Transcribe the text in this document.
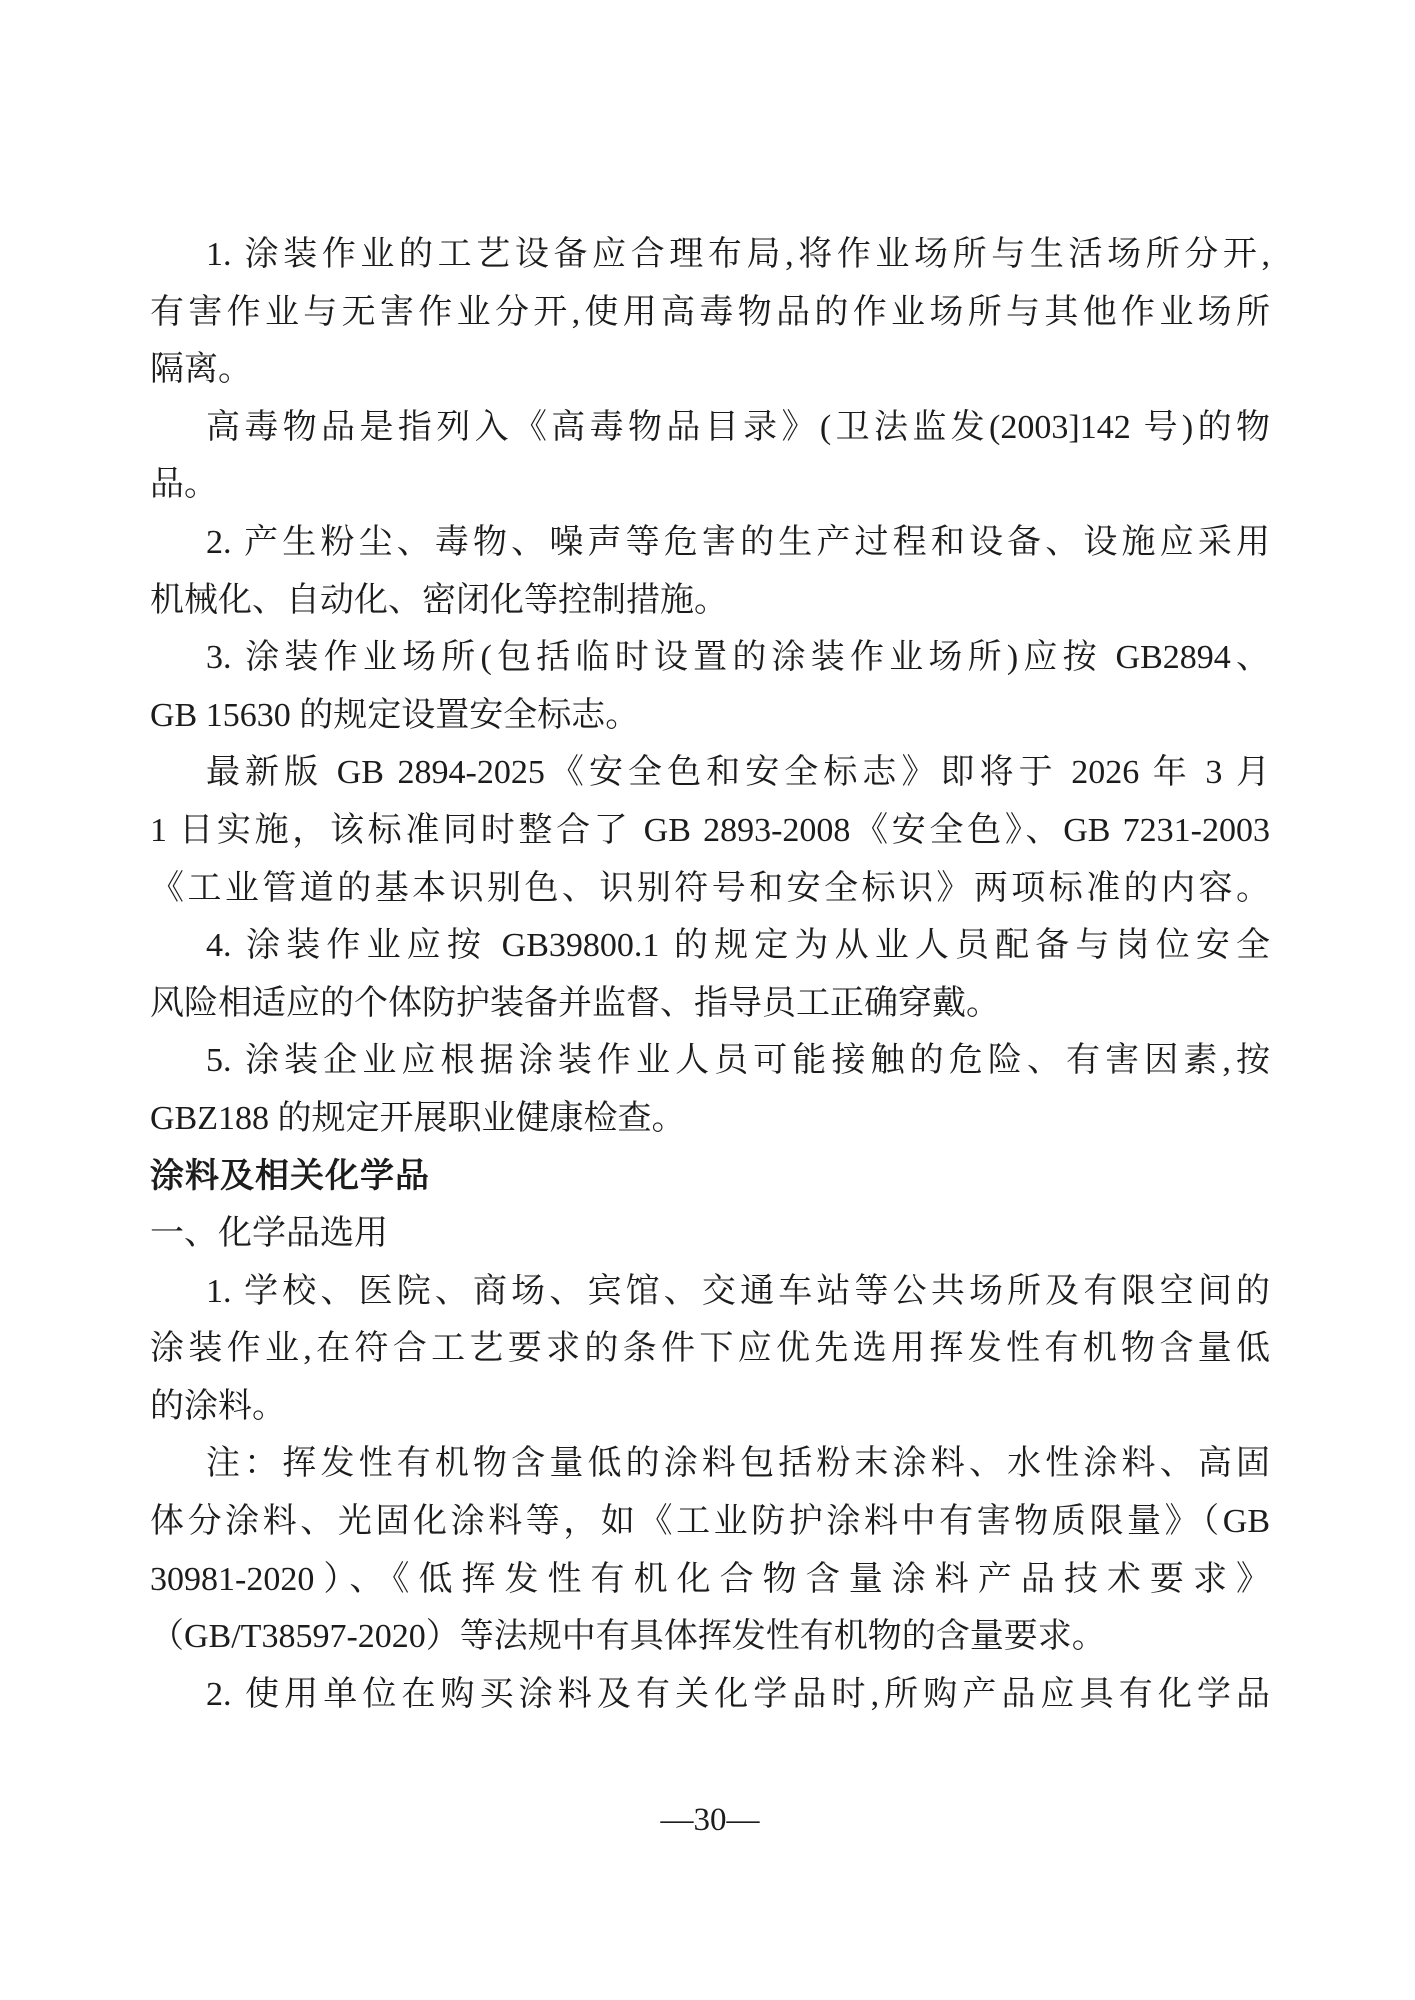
1. 涂装作业的工艺设备应合理布局,将作业场所与生活场所分开,
有害作业与无害作业分开,使用高毒物品的作业场所与其他作业场所
隔离。
高毒物品是指列入《高毒物品目录》(卫法监发(2003]142 号)的物
品。
2. 产生粉尘、毒物、噪声等危害的生产过程和设备、设施应采用
机械化、自动化、密闭化等控制措施。
3. 涂装作业场所(包括临时设置的涂装作业场所)应按 GB2894、
GB 15630 的规定设置安全标志。
最新版 GB 2894-2025《安全色和安全标志》即将于 2026 年 3 月
1 日实施，该标准同时整合了 GB 2893-2008《安全色》、GB 7231-2003
《工业管道的基本识别色、识别符号和安全标识》两项标准的内容。
4. 涂装作业应按 GB39800.1 的规定为从业人员配备与岗位安全
风险相适应的个体防护装备并监督、指导员工正确穿戴。
5. 涂装企业应根据涂装作业人员可能接触的危险、有害因素,按
GBZ188 的规定开展职业健康检查。
涂料及相关化学品
一、化学品选用
1. 学校、医院、商场、宾馆、交通车站等公共场所及有限空间的
涂装作业,在符合工艺要求的条件下应优先选用挥发性有机物含量低
的涂料。
注：挥发性有机物含量低的涂料包括粉末涂料、水性涂料、高固
体分涂料、光固化涂料等，如《工业防护涂料中有害物质限量》（GB
30981-2020）、《低挥发性有机化合物含量涂料产品技术要求》
（GB/T38597-2020）等法规中有具体挥发性有机物的含量要求。
2. 使用单位在购买涂料及有关化学品时,所购产品应具有化学品
—30—
